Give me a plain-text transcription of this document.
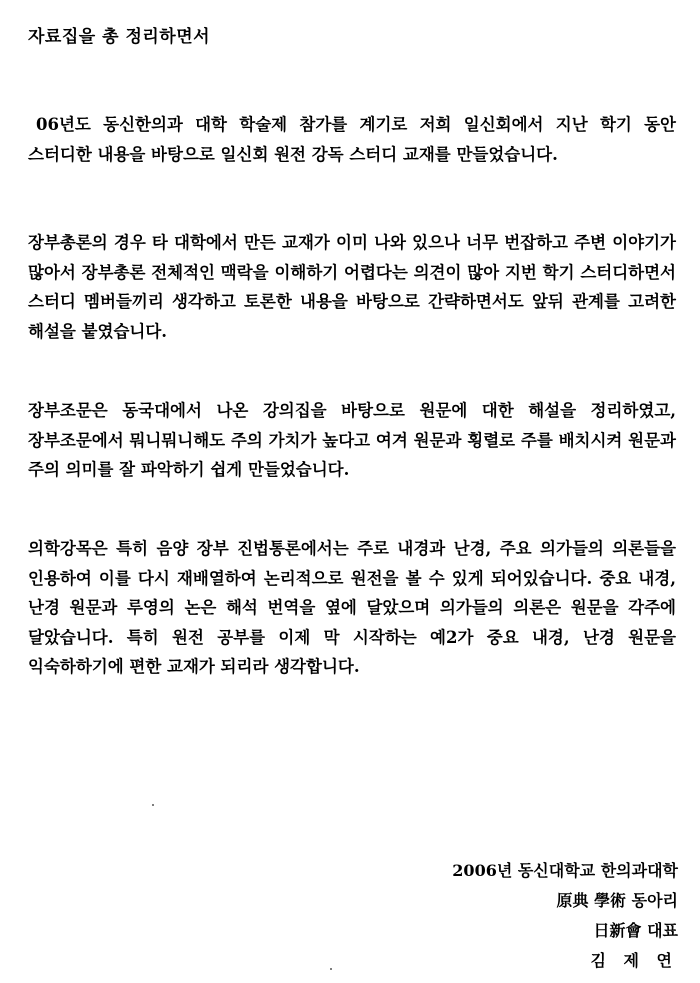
자료집을 총 정리하면서
06년도 동신한의과 대학 학술제 참가를 계기로 저희 일신회에서 지난 학기 동안 스터디한 내용을 바탕으로 일신회 원전 강독 스터디 교재를 만들었습니다.
장부총론의 경우 타 대학에서 만든 교재가 이미 나와 있으나 너무 번잡하고 주변 이야기가 많아서 장부총론 전체적인 맥락을 이해하기 어렵다는 의견이 많아 지번 학기 스터디하면서 스터디 멤버들끼리 생각하고 토론한 내용을 바탕으로 간략하면서도 앞뒤 관계를 고려한 해설을 붙였습니다.
장부조문은 동국대에서 나온 강의집을 바탕으로 원문에 대한 해설을 정리하였고, 장부조문에서 뭐니뭐니해도 주의 가치가 높다고 여겨 원문과 횡렬로 주를 배치시켜 원문과 주의 의미를 잘 파악하기 쉽게 만들었습니다.
의학강목은 특히 음양 장부 진법통론에서는 주로 내경과 난경, 주요 의가들의 의론들을 인용하여 이를 다시 재배열하여 논리적으로 원전을 볼 수 있게 되어있습니다. 중요 내경, 난경 원문과 루영의 논은 해석 번역을 옆에 달았으며 의가들의 의론은 원문을 각주에 달았습니다. 특히 원전 공부를 이제 막 시작하는 예2가 중요 내경, 난경 원문을 익숙하하기에 편한 교재가 되리라 생각합니다.
2006년 동신대학교 한의과대학
原典 學術 동아리
日新會 대표
김 제 연
